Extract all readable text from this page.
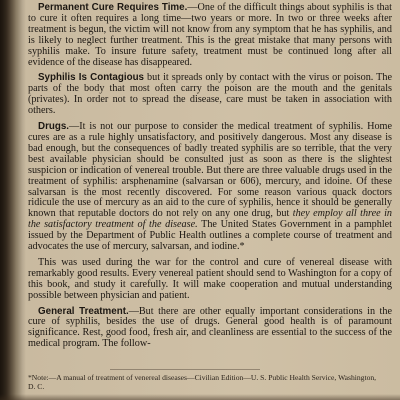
Permanent Cure Requires Time.—One of the difficult things about syphilis is that to cure it often requires a long time—two years or more. In two or three weeks after treatment is begun, the victim will not know from any symptom that he has syphilis, and is likely to neglect further treatment. This is the great mistake that many persons with syphilis make. To insure future safety, treatment must be continued long after all evidence of the disease has disappeared.

Syphilis Is Contagious but it spreads only by contact with the virus or poison. The parts of the body that most often carry the poison are the mouth and the genitals (privates). In order not to spread the disease, care must be taken in association with others.

Drugs.—It is not our purpose to consider the medical treatment of syphilis. Home cures are as a rule highly unsatisfactory, and positively dangerous. Most any disease is bad enough, but the consequences of badly treated syphilis are so terrible, that the very best available physician should be consulted just as soon as there is the slightest suspicion or indication of venereal trouble. But there are three valuable drugs used in the treatment of syphilis: arsphenamine (salvarsan or 606), mercury, and idoine. Of these salvarsan is the most recently discovered. For some reason various quack doctors ridicule the use of mercury as an aid to the cure of syphilis, hence it should be generally known that reputable doctors do not rely on any one drug, but they employ all three in the satisfactory treatment of the disease. The United States Government in a pamphlet issued by the Department of Public Health outlines a complete course of treatment and advocates the use of mercury, salvarsan, and iodine.*

This was used during the war for the control and cure of venereal disease with remarkably good results. Every venereal patient should send to Washington for a copy of this book, and study it carefully. It will make cooperation and mutual understanding possible between physician and patient.

General Treatment.—But there are other equally important considerations in the cure of syphilis, besides the use of drugs. General good health is of paramount significance. Rest, good food, fresh air, and cleanliness are essential to the success of the medical program. The follow-

*Note:—A manual of treatment of venereal diseases—Civilian Edition—U. S. Public Health Service, Washington, D. C.
